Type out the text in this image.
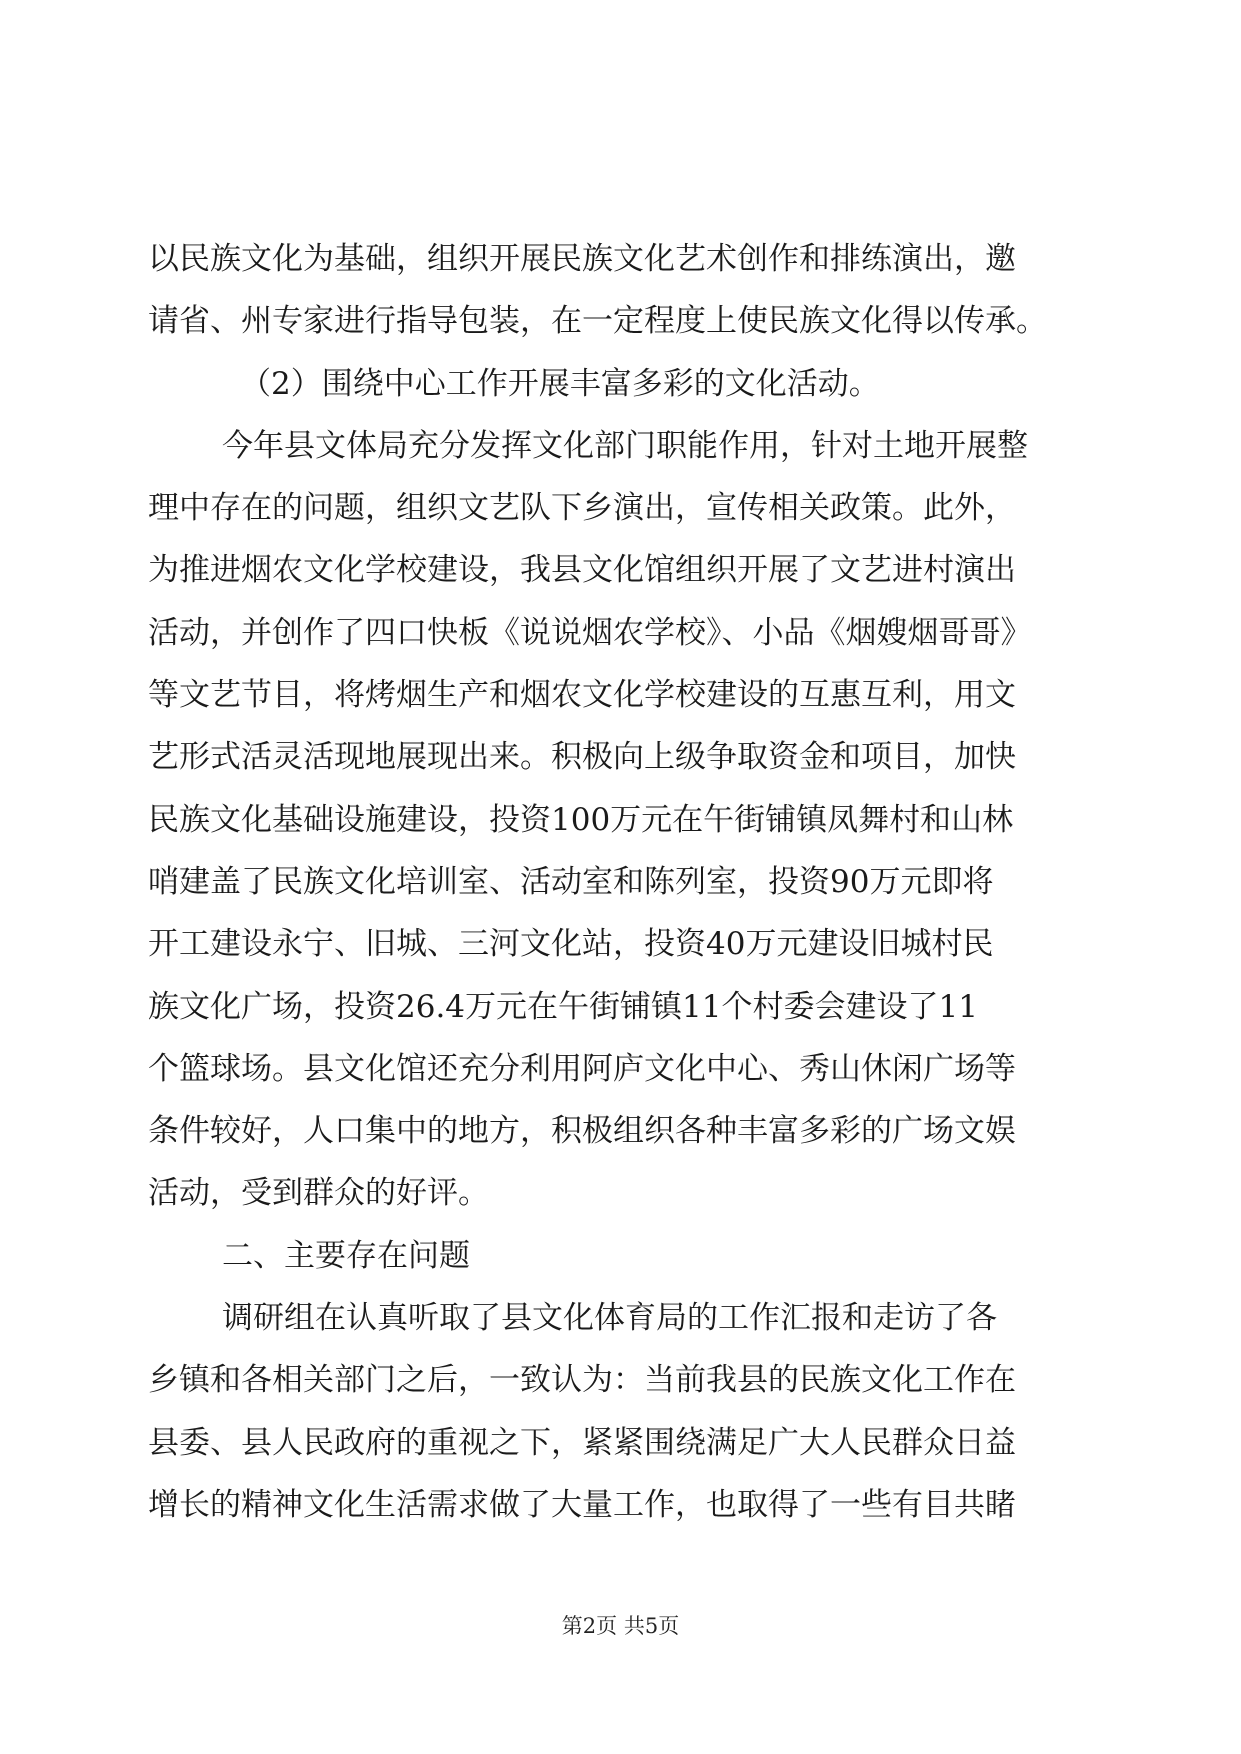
以民族文化为基础，组织开展民族文化艺术创作和排练演出，邀

请省、州专家进行指导包装，在一定程度上使民族文化得以传承。

（2）围绕中心工作开展丰富多彩的文化活动。

今年县文体局充分发挥文化部门职能作用，针对土地开展整

理中存在的问题，组织文艺队下乡演出，宣传相关政策。此外，

为推进烟农文化学校建设，我县文化馆组织开展了文艺进村演出

活动，并创作了四口快板《说说烟农学校》、小品《烟嫂烟哥哥》

等文艺节目，将烤烟生产和烟农文化学校建设的互惠互利，用文

艺形式活灵活现地展现出来。积极向上级争取资金和项目，加快

民族文化基础设施建设，投资100万元在午街铺镇凤舞村和山林

哨建盖了民族文化培训室、活动室和陈列室，投资90万元即将

开工建设永宁、旧城、三河文化站，投资40万元建设旧城村民

族文化广场，投资26.4万元在午街铺镇11个村委会建设了11

个篮球场。县文化馆还充分利用阿庐文化中心、秀山休闲广场等

条件较好，人口集中的地方，积极组织各种丰富多彩的广场文娱

活动，受到群众的好评。

二、主要存在问题

调研组在认真听取了县文化体育局的工作汇报和走访了各

乡镇和各相关部门之后，一致认为：当前我县的民族文化工作在

县委、县人民政府的重视之下，紧紧围绕满足广大人民群众日益

增长的精神文化生活需求做了大量工作，也取得了一些有目共睹

第2页 共5页
